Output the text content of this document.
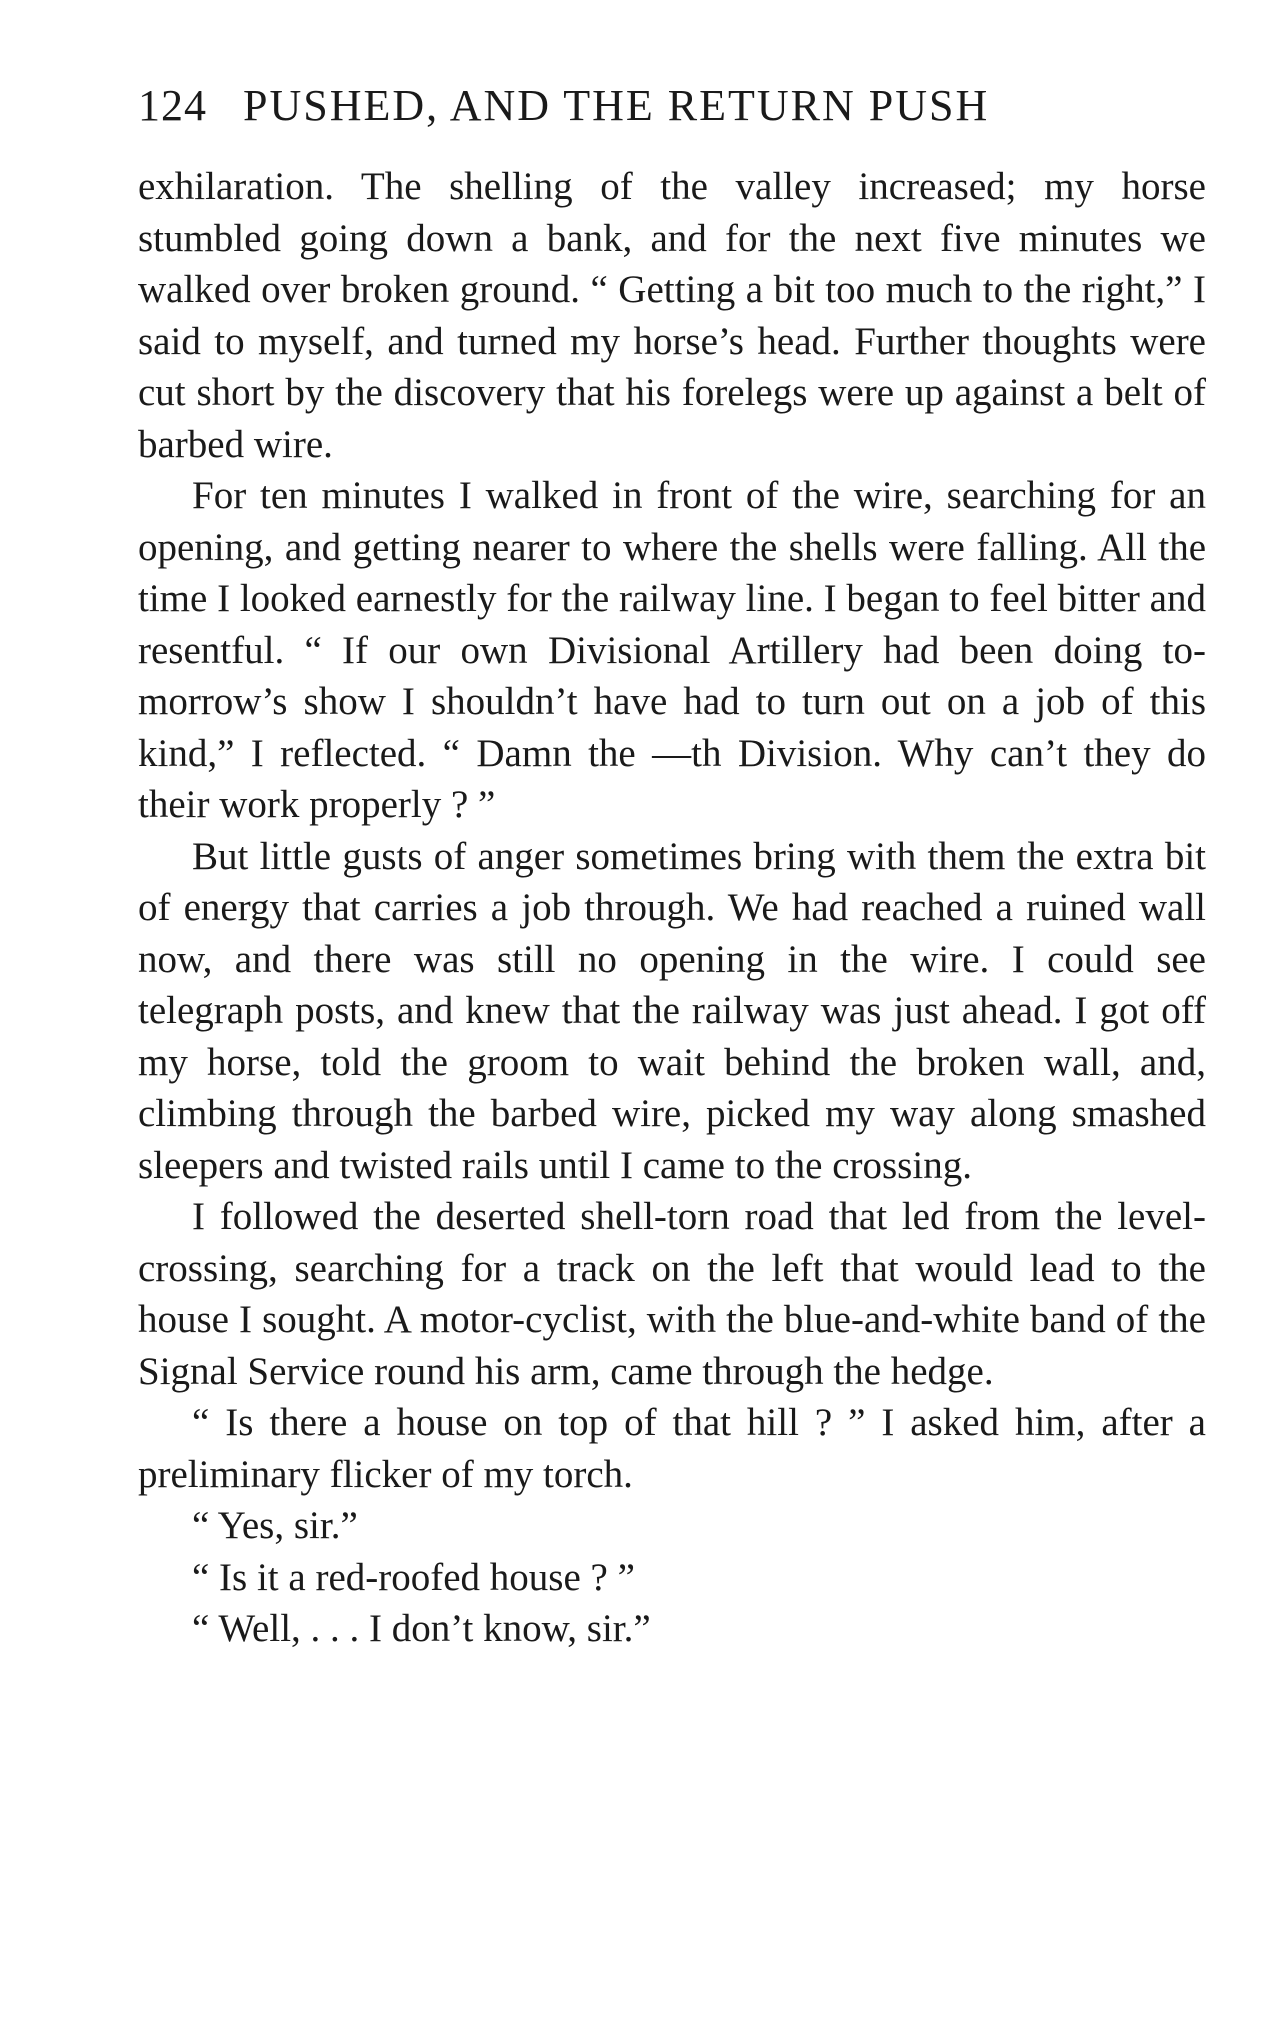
124 PUSHED, AND THE RETURN PUSH

exhilaration. The shelling of the valley increased; my horse stumbled going down a bank, and for the next five minutes we walked over broken ground. “ Getting a bit too much to the right,” I said to myself, and turned my horse’s head. Further thoughts were cut short by the discovery that his forelegs were up against a belt of barbed wire.

For ten minutes I walked in front of the wire, searching for an opening, and getting nearer to where the shells were falling. All the time I looked earnestly for the railway line. I began to feel bitter and resentful. “ If our own Divisional Artillery had been doing to-morrow’s show I shouldn’t have had to turn out on a job of this kind,” I reflected. “ Damn the —th Division. Why can’t they do their work properly ? ”

But little gusts of anger sometimes bring with them the extra bit of energy that carries a job through. We had reached a ruined wall now, and there was still no opening in the wire. I could see telegraph posts, and knew that the railway was just ahead. I got off my horse, told the groom to wait behind the broken wall, and, climbing through the barbed wire, picked my way along smashed sleepers and twisted rails until I came to the crossing.

I followed the deserted shell-torn road that led from the level-crossing, searching for a track on the left that would lead to the house I sought. A motor-cyclist, with the blue-and-white band of the Signal Service round his arm, came through the hedge.

“ Is there a house on top of that hill ? ” I asked him, after a preliminary flicker of my torch.

“ Yes, sir.”

“ Is it a red-roofed house ? ”

“ Well, . . . I don’t know, sir.”
